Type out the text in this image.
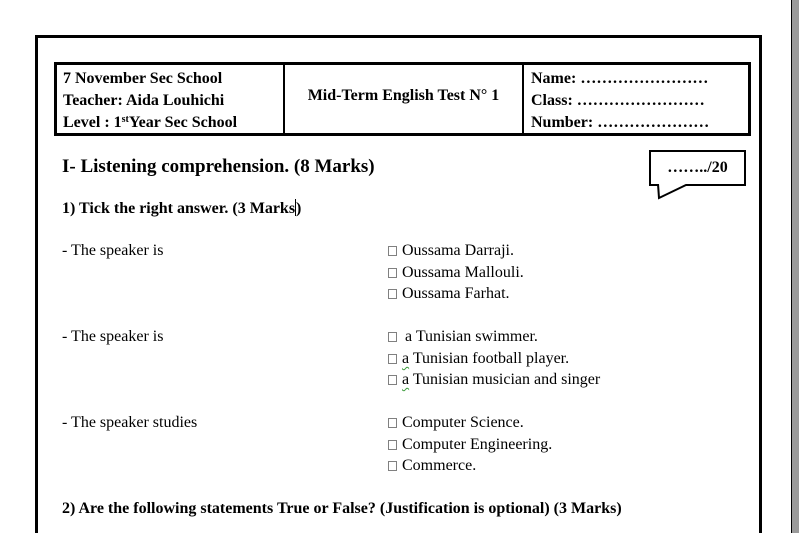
7 November Sec School
Teacher: Aida Louhichi
Level : 1stYear Sec School
Mid-Term English Test N° 1
Name: ……………………
Class: ……………………
Number: …………………
……../20
I- Listening comprehension. (8 Marks)
1) Tick the right answer. (3 Marks)
- The speaker is	Oussama Darraji.
Oussama Mallouli.
Oussama Farhat.
- The speaker is	a Tunisian swimmer.
a Tunisian football player.
a Tunisian musician and singer
- The speaker studies	Computer Science.
Computer Engineering.
Commerce.
2) Are the following statements True or False? (Justification is optional) (3 Marks)
